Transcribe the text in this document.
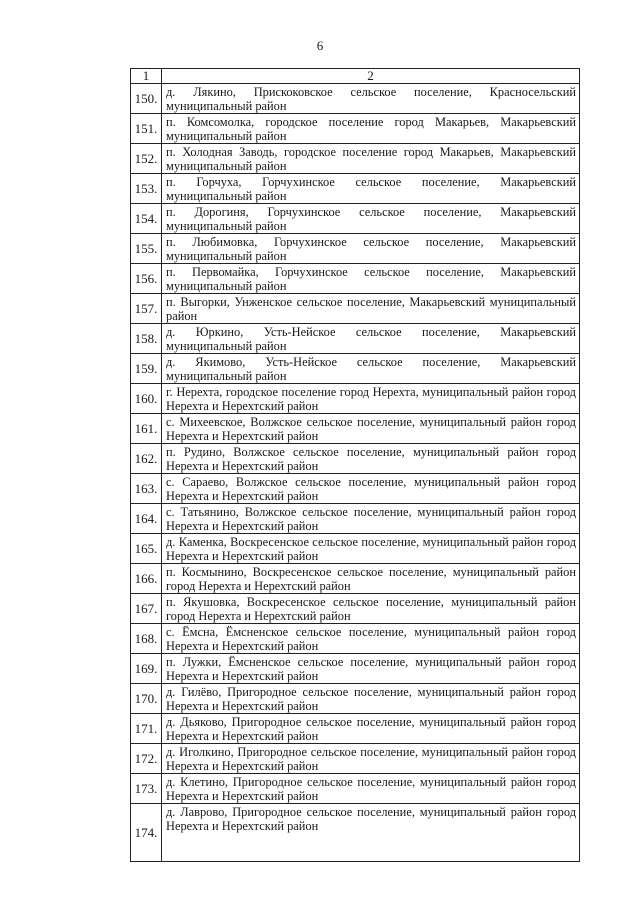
6
1	2
150.	д. Лякино, Прискоковское сельское поселение, Красносельский муниципальный район
151.	п. Комсомолка, городское поселение город Макарьев, Макарьевский муниципальный район
152.	п. Холодная Заводь, городское поселение город Макарьев, Макарьевский муниципальный район
153.	п. Горчуха, Горчухинское сельское поселение, Макарьевский муниципальный район
154.	п. Дорогиня, Горчухинское сельское поселение, Макарьевский муниципальный район
155.	п. Любимовка, Горчухинское сельское поселение, Макарьевский муниципальный район
156.	п. Первомайка, Горчухинское сельское поселение, Макарьевский муниципальный район
157.	п. Выгорки, Унженское сельское поселение, Макарьевский муниципальный район
158.	д. Юркино, Усть-Нейское сельское поселение, Макарьевский муниципальный район
159.	д. Якимово, Усть-Нейское сельское поселение, Макарьевский муниципальный район
160.	г. Нерехта, городское поселение город Нерехта, муниципальный район город Нерехта и Нерехтский район
161.	с. Михеевское, Волжское сельское поселение, муниципальный район город Нерехта и Нерехтский район
162.	п. Рудино, Волжское сельское поселение, муниципальный район город Нерехта и Нерехтский район
163.	с. Сараево, Волжское сельское поселение, муниципальный район город Нерехта и Нерехтский район
164.	с. Татьянино, Волжское сельское поселение, муниципальный район город Нерехта и Нерехтский район
165.	д. Каменка, Воскресенское сельское поселение, муниципальный район город Нерехта и Нерехтский район
166.	п. Космынино, Воскресенское сельское поселение, муниципальный район город Нерехта и Нерехтский район
167.	п. Якушовка, Воскресенское сельское поселение, муниципальный район город Нерехта и Нерехтский район
168.	с. Ёмсна, Ёмсненское сельское поселение, муниципальный район город Нерехта и Нерехтский район
169.	п. Лужки, Ёмсненское сельское поселение, муниципальный район город Нерехта и Нерехтский район
170.	д. Гилёво, Пригородное сельское поселение, муниципальный район город Нерехта и Нерехтский район
171.	д. Дьяково, Пригородное сельское поселение, муниципальный район город Нерехта и Нерехтский район
172.	д. Иголкино, Пригородное сельское поселение, муниципальный район город Нерехта и Нерехтский район
173.	д. Клетино, Пригородное сельское поселение, муниципальный район город Нерехта и Нерехтский район
174.	д. Лаврово, Пригородное сельское поселение, муниципальный район город Нерехта и Нерехтский район
